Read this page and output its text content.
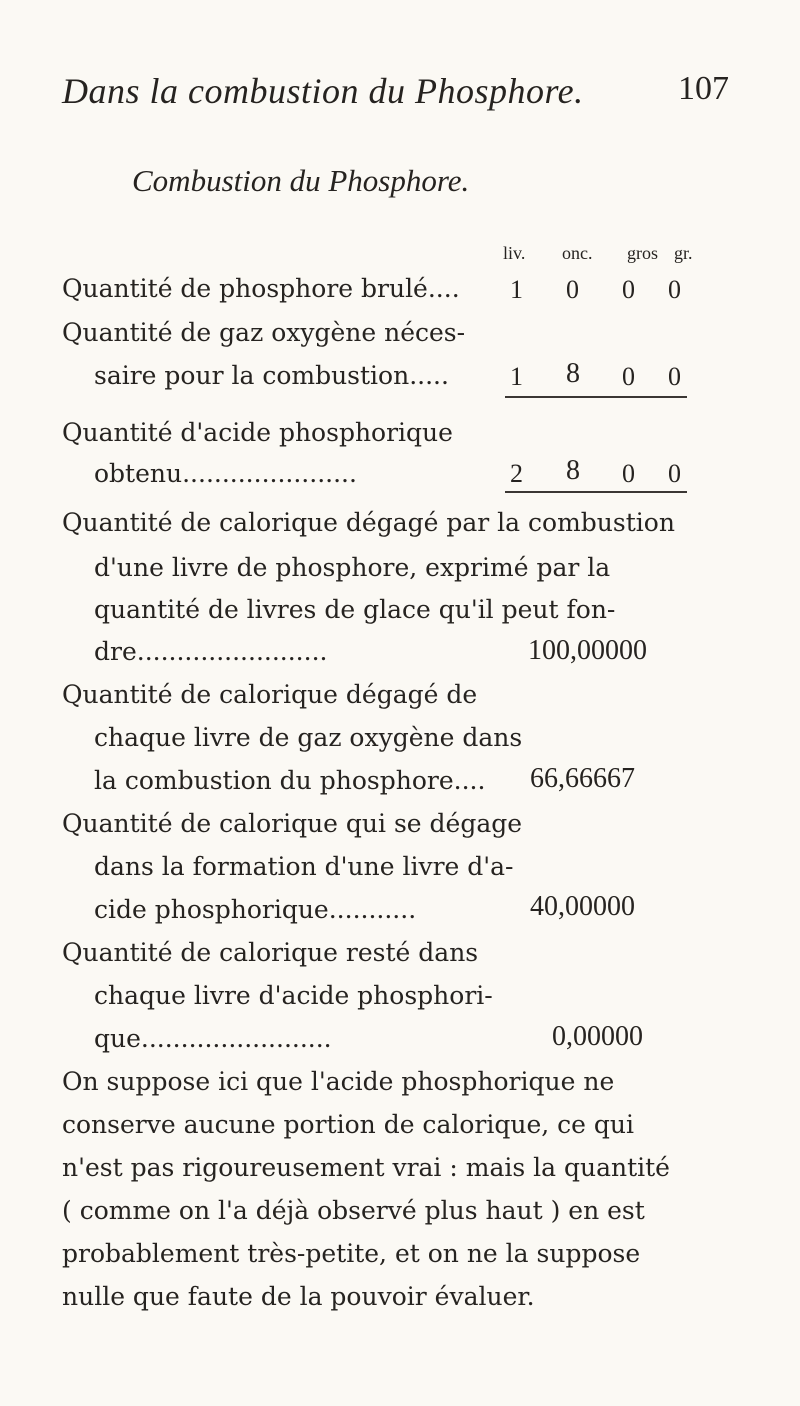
Dans la combustion du Phosphore.	107
Combustion du Phosphore.
liv. onc. gros gr.
Quantité de phosphore brulé.... 1 0 0 0
Quantité de gaz oxygène néces-
saire pour la combustion..... 1 8 0 0
Quantité d'acide phosphorique
obtenu......................	2 8 0 0
Quantité de calorique dégagé par la combustion
d'une livre de phosphore, exprimé par la
quantité de livres de glace qu'il peut fon-
dre........................	100,00000
Quantité de calorique dégagé de
chaque livre de gaz oxygène dans
la combustion du phosphore.... 66,66667
Quantité de calorique qui se dégage
dans la formation d'une livre d'a-
cide phosphorique...........	40,00000
Quantité de calorique resté dans
chaque livre d'acide phosphori-
que........................	0,00000
On suppose ici que l'acide phosphorique ne
conserve aucune portion de calorique, ce qui
n'est pas rigoureusement vrai : mais la quantité
( comme on l'a déjà observé plus haut ) en est
probablement très-petite, et on ne la suppose
nulle que faute de la pouvoir évaluer.
